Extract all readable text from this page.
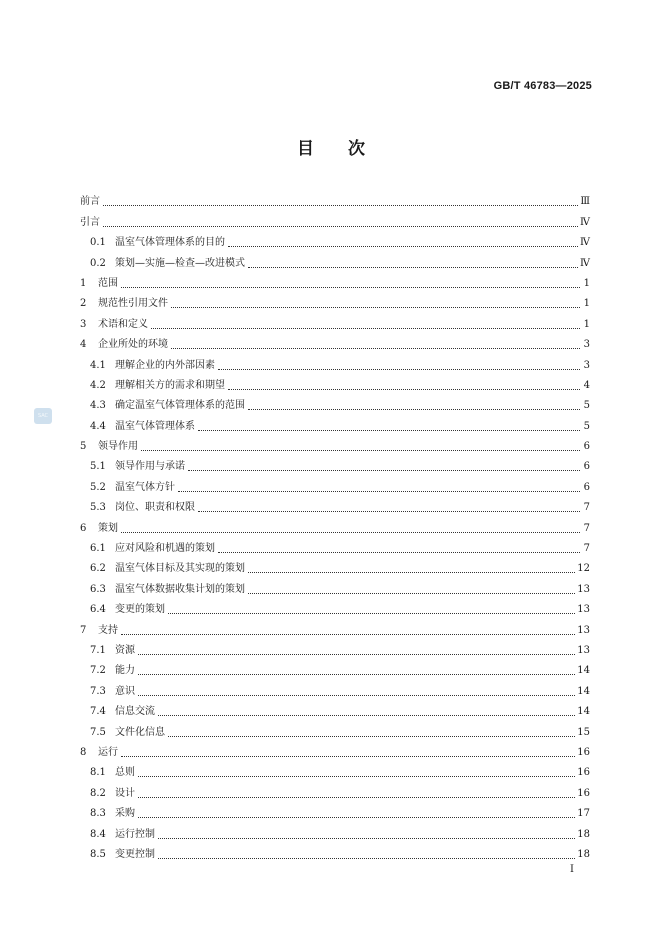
GB/T 46783—2025
目次
SAC
前言	Ⅲ
引言	Ⅳ
0.1 温室气体管理体系的目的	Ⅳ
0.2 策划—实施—检查—改进模式	Ⅳ
1	范围	1
2	规范性引用文件	1
3	术语和定义	1
4	企业所处的环境	3
4.1 理解企业的内外部因素	3
4.2 理解相关方的需求和期望	4
4.3 确定温室气体管理体系的范围	5
4.4 温室气体管理体系	5
5	领导作用	6
5.1 领导作用与承诺	6
5.2 温室气体方针	6
5.3 岗位、职责和权限	7
6	策划	7
6.1 应对风险和机遇的策划	7
6.2 温室气体目标及其实现的策划	12
6.3 温室气体数据收集计划的策划	13
6.4 变更的策划	13
7	支持	13
7.1 资源	13
7.2 能力	14
7.3 意识	14
7.4 信息交流	14
7.5 文件化信息	15
8	运行	16
8.1 总则	16
8.2 设计	16
8.3 采购	17
8.4 运行控制	18
8.5 变更控制	18
I
